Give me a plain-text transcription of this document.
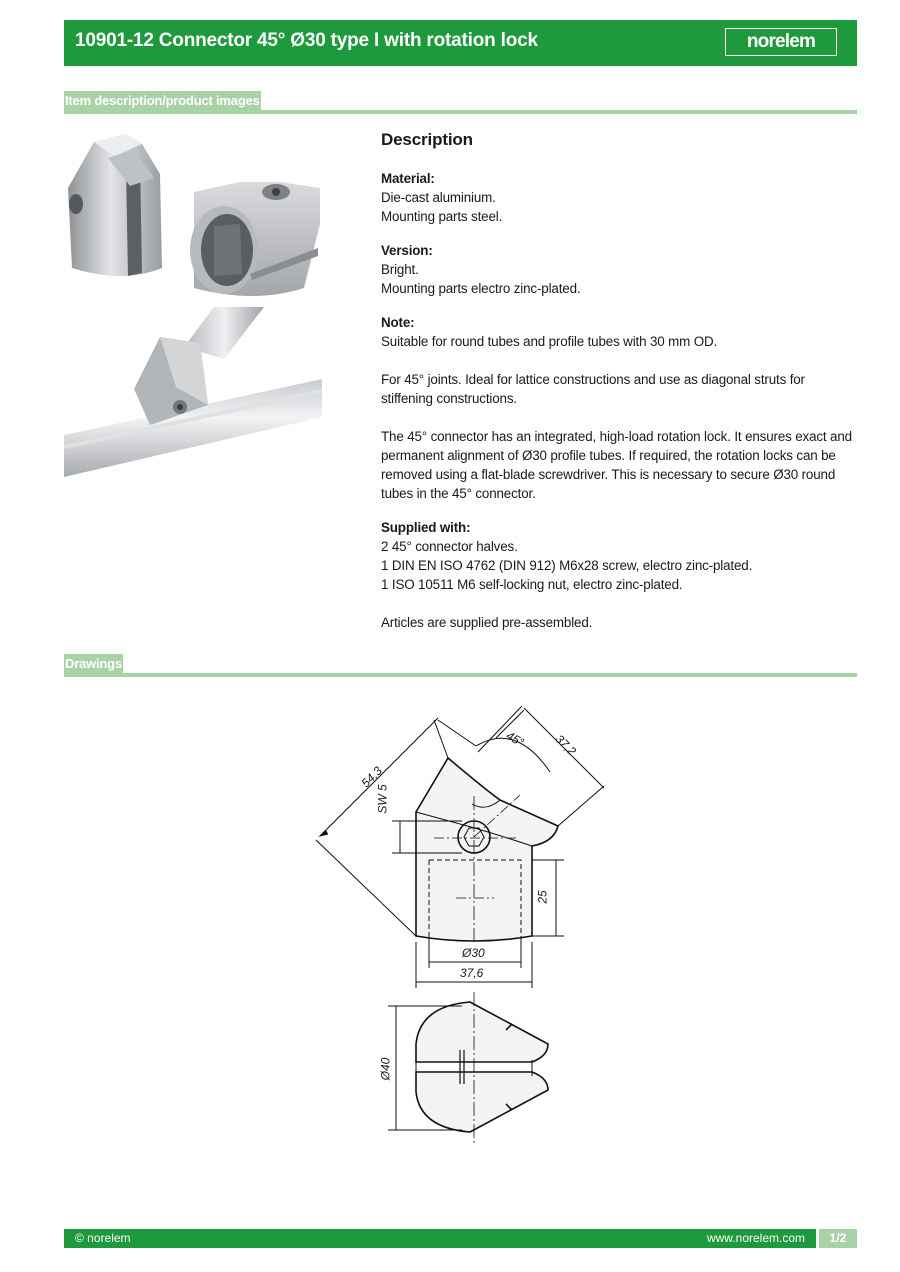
10901-12 Connector 45° Ø30 type I with rotation lock	norelem
Item description/product images
Description

Material:

Die-cast aluminium.

Mounting parts steel.

Version:

Bright.

Mounting parts electro zinc-plated.

Note:

Suitable for round tubes and profile tubes with 30 mm OD.

For 45° joints. Ideal for lattice constructions and use as diagonal struts for stiffening constructions.

The 45° connector has an integrated, high-load rotation lock. It ensures exact and permanent alignment of Ø30 profile tubes. If required, the rotation locks can be removed using a flat-blade screwdriver. This is necessary to secure Ø30 round tubes in the 45° connector.

Supplied with:

2 45° connector halves.

1 DIN EN ISO 4762 (DIN 912) M6x28 screw, electro zinc-plated.

1 ISO 10511 M6 self-locking nut, electro zinc-plated.

Articles are supplied pre-assembled.

Drawings
54,3
45° 37,2
SW 5
25
Ø30
37,6
Ø40
© norelem	www.norelem.com	1/2
